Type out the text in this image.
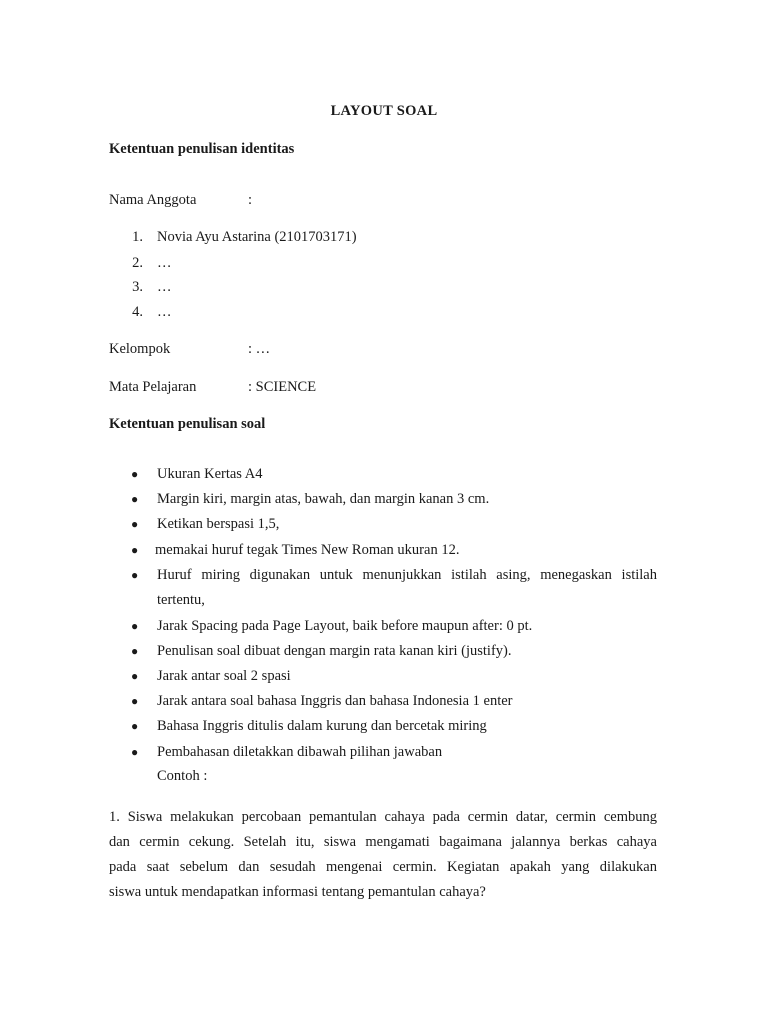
LAYOUT SOAL
Ketentuan penulisan identitas
Nama Anggota	:
1. Novia Ayu Astarina (2101703171)
2. …
3. …
4. …
Kelompok	: …
Mata Pelajaran	: SCIENCE
Ketentuan penulisan soal
● Ukuran Kertas A4
● Margin kiri, margin atas, bawah, dan margin kanan 3 cm.
● Ketikan berspasi 1,5,
● memakai huruf tegak Times New Roman ukuran 12.
● Huruf miring digunakan untuk menunjukkan istilah asing, menegaskan istilah
tertentu,
● Jarak Spacing pada Page Layout, baik before maupun after: 0 pt.
● Penulisan soal dibuat dengan margin rata kanan kiri (justify).
● Jarak antar soal 2 spasi
● Jarak antara soal bahasa Inggris dan bahasa Indonesia 1 enter
● Bahasa Inggris ditulis dalam kurung dan bercetak miring
● Pembahasan diletakkan dibawah pilihan jawaban
Contoh :
1. Siswa melakukan percobaan pemantulan cahaya pada cermin datar, cermin cembung
dan cermin cekung. Setelah itu, siswa mengamati bagaimana jalannya berkas cahaya
pada saat sebelum dan sesudah mengenai cermin. Kegiatan apakah yang dilakukan
siswa untuk mendapatkan informasi tentang pemantulan cahaya?
